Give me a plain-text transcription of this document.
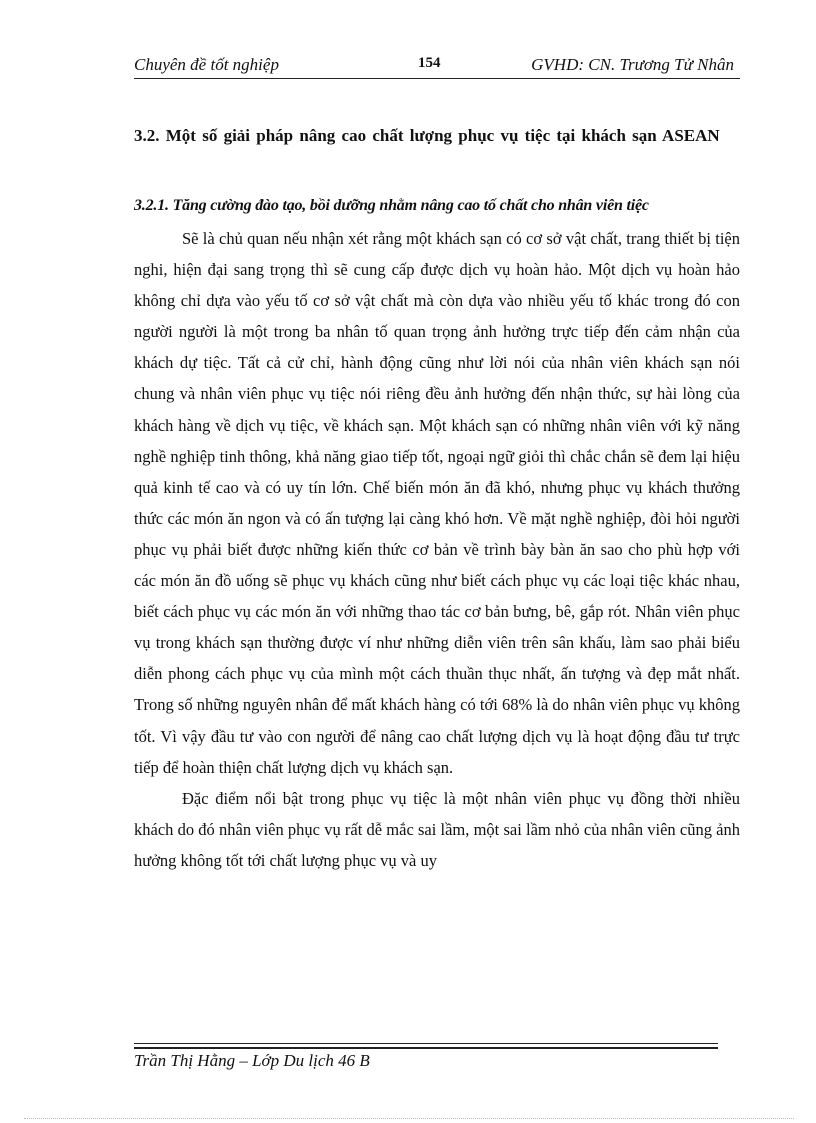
Chuyên đề tốt nghiệp	154	GVHD: CN. Trương Tử Nhân
3.2. Một số giải pháp nâng cao chất lượng phục vụ tiệc tại khách sạn ASEAN
3.2.1. Tăng cường đào tạo, bồi dưỡng nhằm nâng cao tố chất cho nhân viên tiệc

Sẽ là chủ quan nếu nhận xét rằng một khách sạn có cơ sở vật chất, trang thiết bị tiện nghi, hiện đại sang trọng thì sẽ cung cấp được dịch vụ hoàn hảo. Một dịch vụ hoàn hảo không chỉ dựa vào yếu tố cơ sở vật chất mà còn dựa vào nhiều yếu tố khác trong đó con người người là một trong ba nhân tố quan trọng ảnh hưởng trực tiếp đến cảm nhận của khách dự tiệc. Tất cả cử chỉ, hành động cũng như lời nói của nhân viên khách sạn nói chung và nhân viên phục vụ tiệc nói riêng đều ảnh hưởng đến nhận thức, sự hài lòng của khách hàng về dịch vụ tiệc, về khách sạn. Một khách sạn có những nhân viên với kỹ năng nghề nghiệp tinh thông, khả năng giao tiếp tốt, ngoại ngữ giỏi thì chắc chắn sẽ đem lại hiệu quả kinh tế cao và có uy tín lớn. Chế biến món ăn đã khó, nhưng phục vụ khách thưởng thức các món ăn ngon và có ấn tượng lại càng khó hơn. Về mặt nghề nghiệp, đòi hỏi người phục vụ phải biết được những kiến thức cơ bản về trình bày bàn ăn sao cho phù hợp với các món ăn đồ uống sẽ phục vụ khách cũng như biết cách phục vụ các loại tiệc khác nhau, biết cách phục vụ các món ăn với những thao tác cơ bản bưng, bê, gắp rót. Nhân viên phục vụ trong khách sạn thường được ví như những diễn viên trên sân khấu, làm sao phải biểu diễn phong cách phục vụ của mình một cách thuần thục nhất, ấn tượng và đẹp mắt nhất. Trong số những nguyên nhân để mất khách hàng có tới 68% là do nhân viên phục vụ không tốt. Vì vậy đầu tư vào con người để nâng cao chất lượng dịch vụ là hoạt động đầu tư trực tiếp để hoàn thiện chất lượng dịch vụ khách sạn.

Đặc điểm nổi bật trong phục vụ tiệc là một nhân viên phục vụ đồng thời nhiều khách do đó nhân viên phục vụ rất dễ mắc sai lầm, một sai lầm nhỏ của nhân viên cũng ảnh hưởng không tốt tới chất lượng phục vụ và uy

Trần Thị Hằng – Lớp Du lịch 46 B
